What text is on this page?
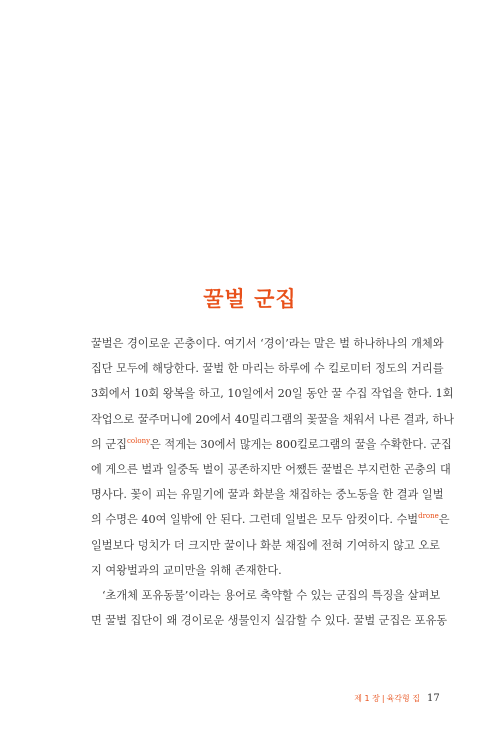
꿀벌 군집
꿀벌은 경이로운 곤충이다. 여기서 ‘경이’라는 말은 벌 하나하나의 개체와
집단 모두에 해당한다. 꿀벌 한 마리는 하루에 수 킬로미터 정도의 거리를
3회에서 10회 왕복을 하고, 10일에서 20일 동안 꿀 수집 작업을 한다. 1회
작업으로 꿀주머니에 20에서 40밀리그램의 꽃꿀을 채워서 나른 결과, 하나
의 군집$^{colony}$은 적게는 30에서 많게는 800킬로그램의 꿀을 수확한다. 군집
에 게으른 벌과 일중독 벌이 공존하지만 어쨌든 꿀벌은 부지런한 곤충의 대
명사다. 꽃이 피는 유밀기에 꿀과 화분을 채집하는 중노동을 한 결과 일벌
의 수명은 40여 일밖에 안 된다. 그런데 일벌은 모두 암컷이다. 수벌$^{drone}$은
일벌보다 덩치가 더 크지만 꿀이나 화분 채집에 전혀 기여하지 않고 오로
지 여왕벌과의 교미만을 위해 존재한다.
‘초개체 포유동물’이라는 용어로 축약할 수 있는 군집의 특징을 살펴보
면 꿀벌 집단이 왜 경이로운 생물인지 실감할 수 있다. 꿀벌 군집은 포유동
제 1 장 | 육각형 집 17
